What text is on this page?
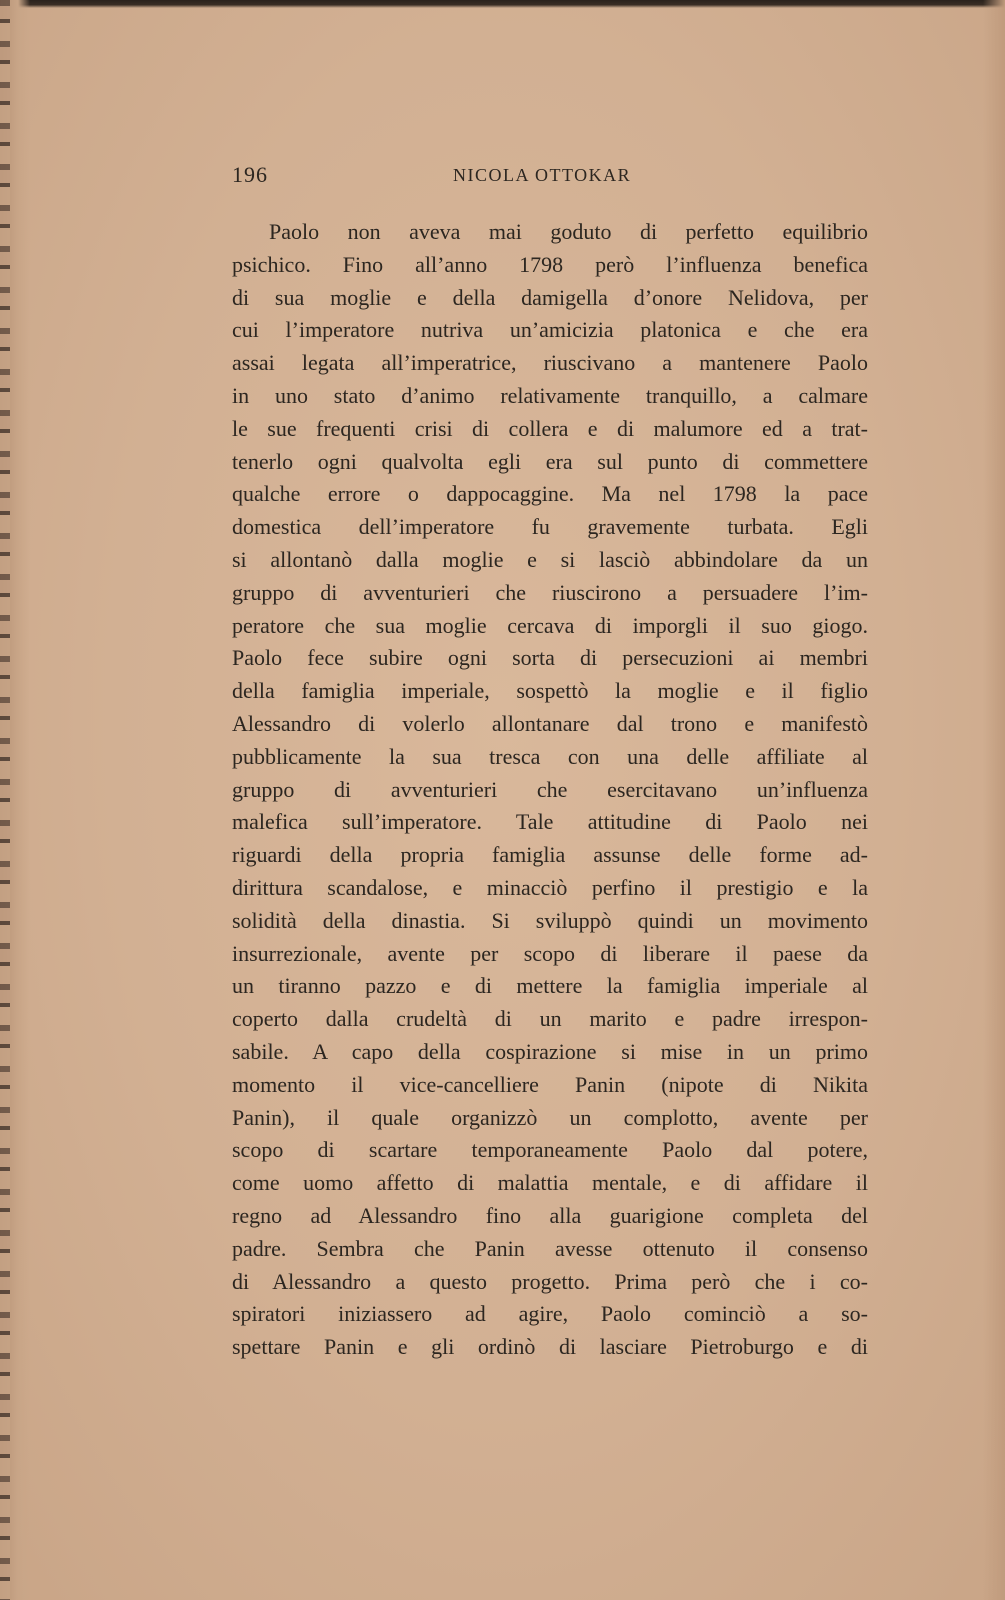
196	NICOLA OTTOKAR
Paolo non aveva mai goduto di perfetto equilibrio
psichico. Fino all’anno 1798 però l’influenza benefica
di sua moglie e della damigella d’onore Nelidova, per
cui l’imperatore nutriva un’amicizia platonica e che era
assai legata all’imperatrice, riuscivano a mantenere Paolo
in uno stato d’animo relativamente tranquillo, a calmare
le sue frequenti crisi di collera e di malumore ed a trat-
tenerlo ogni qualvolta egli era sul punto di commettere
qualche errore o dappocaggine. Ma nel 1798 la pace
domestica dell’imperatore fu gravemente turbata. Egli
si allontanò dalla moglie e si lasciò abbindolare da un
gruppo di avventurieri che riuscirono a persuadere l’im-
peratore che sua moglie cercava di imporgli il suo giogo.
Paolo fece subire ogni sorta di persecuzioni ai membri
della famiglia imperiale, sospettò la moglie e il figlio
Alessandro di volerlo allontanare dal trono e manifestò
pubblicamente la sua tresca con una delle affiliate al
gruppo di avventurieri che esercitavano un’influenza
malefica sull’imperatore. Tale attitudine di Paolo nei
riguardi della propria famiglia assunse delle forme ad-
dirittura scandalose, e minacciò perfino il prestigio e la
solidità della dinastia. Si sviluppò quindi un movimento
insurrezionale, avente per scopo di liberare il paese da
un tiranno pazzo e di mettere la famiglia imperiale al
coperto dalla crudeltà di un marito e padre irrespon-
sabile. A capo della cospirazione si mise in un primo
momento il vice-cancelliere Panin (nipote di Nikita
Panin), il quale organizzò un complotto, avente per
scopo di scartare temporaneamente Paolo dal potere,
come uomo affetto di malattia mentale, e di affidare il
regno ad Alessandro fino alla guarigione completa del
padre. Sembra che Panin avesse ottenuto il consenso
di Alessandro a questo progetto. Prima però che i co-
spiratori iniziassero ad agire, Paolo cominciò a so-
spettare Panin e gli ordinò di lasciare Pietroburgo e di
